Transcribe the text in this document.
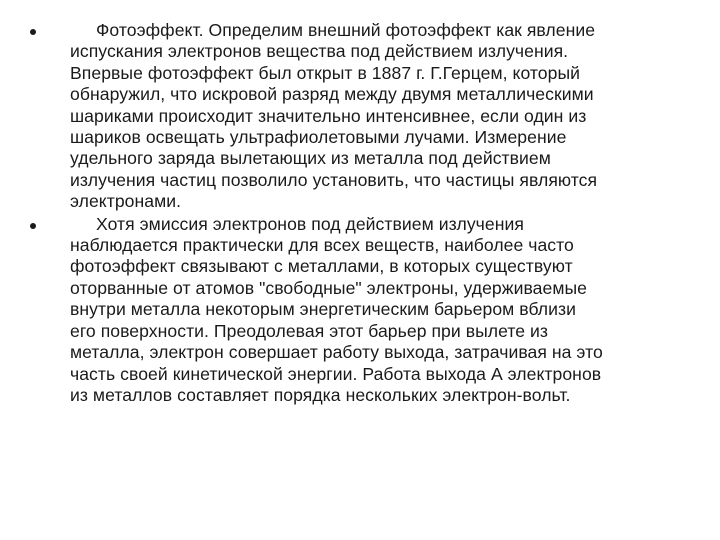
Фотоэффект. Определим внешний фотоэффект как явление
испускания электронов вещества под действием излучения.
Впервые фотоэффект был открыт в 1887 г. Г.Герцем, который
обнаружил, что искровой разряд между двумя металлическими
шариками происходит значительно интенсивнее, если один из
шариков освещать ультрафиолетовыми лучами. Измерение
удельного заряда вылетающих из металла под действием
излучения частиц позволило установить, что частицы являются
электронами.
Хотя эмиссия электронов под действием излучения
наблюдается практически для всех веществ, наиболее часто
фотоэффект связывают с металлами, в которых существуют
оторванные от атомов "свободные" электроны, удерживаемые
внутри металла некоторым энергетическим барьером вблизи
его поверхности. Преодолевая этот барьер при вылете из
металла, электрон совершает работу выхода, затрачивая на это
часть своей кинетической энергии. Работа выхода А электронов
из металлов составляет порядка нескольких электрон-вольт.
